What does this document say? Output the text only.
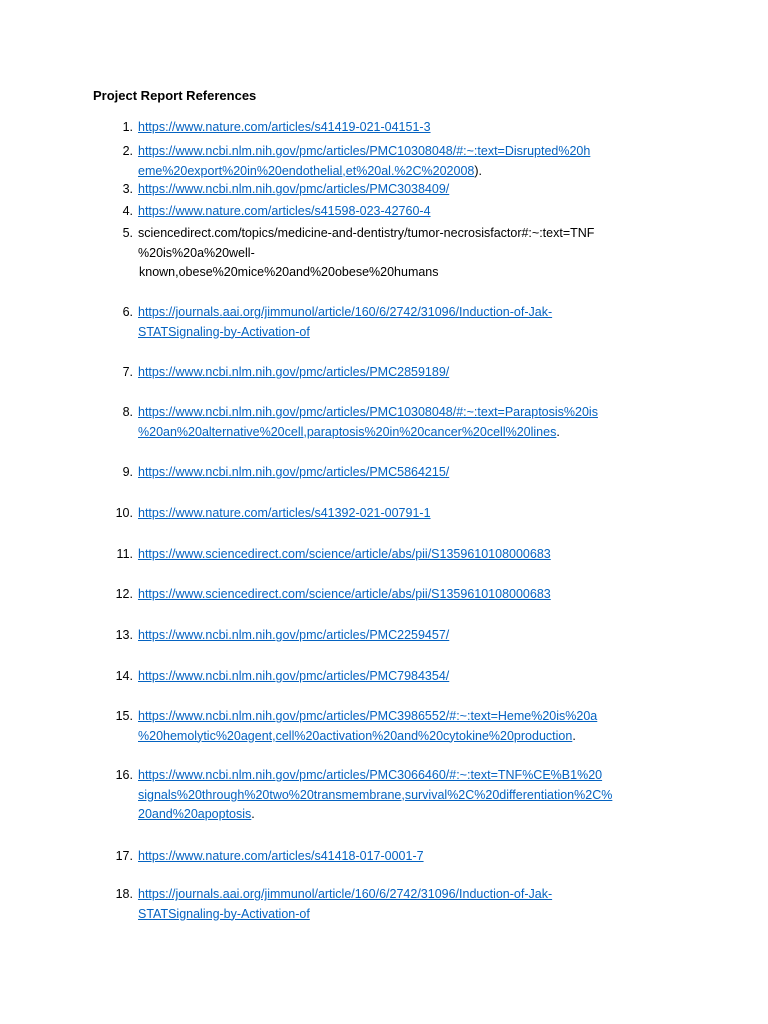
Project Report References
1. https://www.nature.com/articles/s41419-021-04151-3
2. https://www.ncbi.nlm.nih.gov/pmc/articles/PMC10308048/#:~:text=Disrupted%20h
eme%20export%20in%20endothelial,et%20al.%2C%202008).
3. https://www.ncbi.nlm.nih.gov/pmc/articles/PMC3038409/
4. https://www.nature.com/articles/s41598-023-42760-4
5. sciencedirect.com/topics/medicine-and-dentistry/tumor-necrosisfactor#:~:text=TNF
%20is%20a%20well-
known,obese%20mice%20and%20obese%20humans
6. https://journals.aai.org/jimmunol/article/160/6/2742/31096/Induction-of-Jak-
STATSignaling-by-Activation-of
7. https://www.ncbi.nlm.nih.gov/pmc/articles/PMC2859189/
8. https://www.ncbi.nlm.nih.gov/pmc/articles/PMC10308048/#:~:text=Paraptosis%20is
%20an%20alternative%20cell,paraptosis%20in%20cancer%20cell%20lines.
9. https://www.ncbi.nlm.nih.gov/pmc/articles/PMC5864215/
10. https://www.nature.com/articles/s41392-021-00791-1
11. https://www.sciencedirect.com/science/article/abs/pii/S1359610108000683
12. https://www.sciencedirect.com/science/article/abs/pii/S1359610108000683
13. https://www.ncbi.nlm.nih.gov/pmc/articles/PMC2259457/
14. https://www.ncbi.nlm.nih.gov/pmc/articles/PMC7984354/
15. https://www.ncbi.nlm.nih.gov/pmc/articles/PMC3986552/#:~:text=Heme%20is%20a
%20hemolytic%20agent,cell%20activation%20and%20cytokine%20production.
16. https://www.ncbi.nlm.nih.gov/pmc/articles/PMC3066460/#:~:text=TNF%CE%B1%20
signals%20through%20two%20transmembrane,survival%2C%20differentiation%2C%
20and%20apoptosis.
17. https://www.nature.com/articles/s41418-017-0001-7
18. https://journals.aai.org/jimmunol/article/160/6/2742/31096/Induction-of-Jak-
STATSignaling-by-Activation-of
